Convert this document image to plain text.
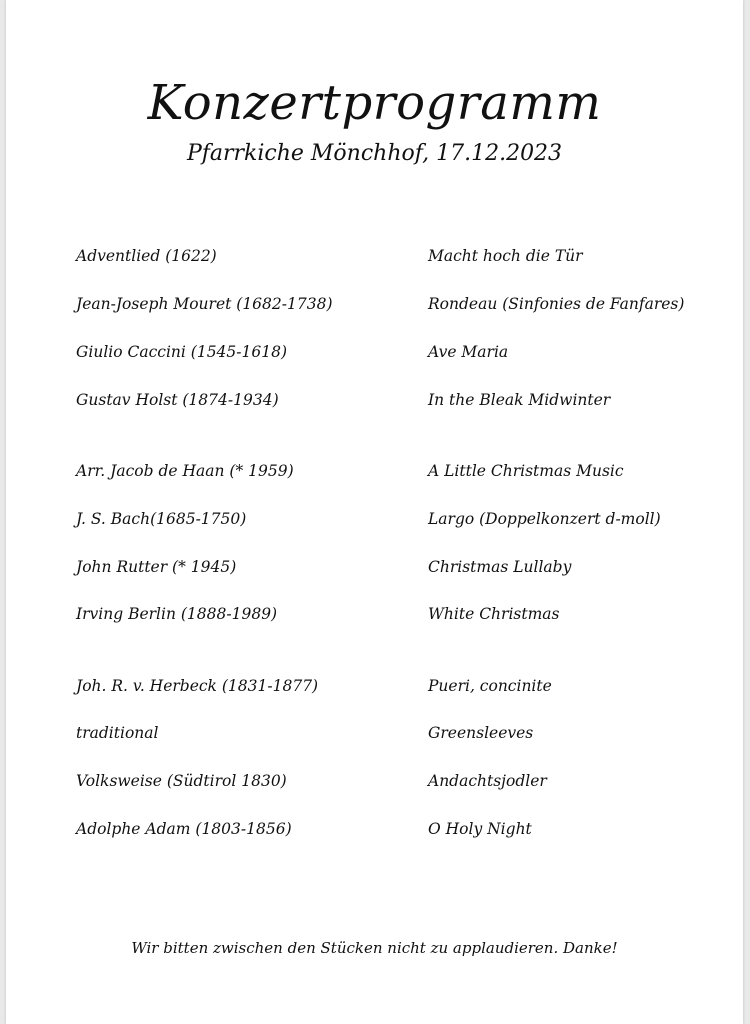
Konzertprogramm
Pfarrkiche Mönchhof, 17.12.2023
Adventlied (1622)	Macht hoch die Tür
Jean-Joseph Mouret (1682-1738)	Rondeau (Sinfonies de Fanfares)
Giulio Caccini (1545-1618)	Ave Maria
Gustav Holst (1874-1934)	In the Bleak Midwinter
Arr. Jacob de Haan (* 1959)	A Little Christmas Music
J. S. Bach(1685-1750)	Largo (Doppelkonzert d-moll)
John Rutter (* 1945)	Christmas Lullaby
Irving Berlin (1888-1989)	White Christmas
Joh. R. v. Herbeck (1831-1877)	Pueri, concinite
traditional	Greensleeves
Volksweise (Südtirol 1830)	Andachtsjodler
Adolphe Adam (1803-1856)	O Holy Night
Wir bitten zwischen den Stücken nicht zu applaudieren. Danke!
